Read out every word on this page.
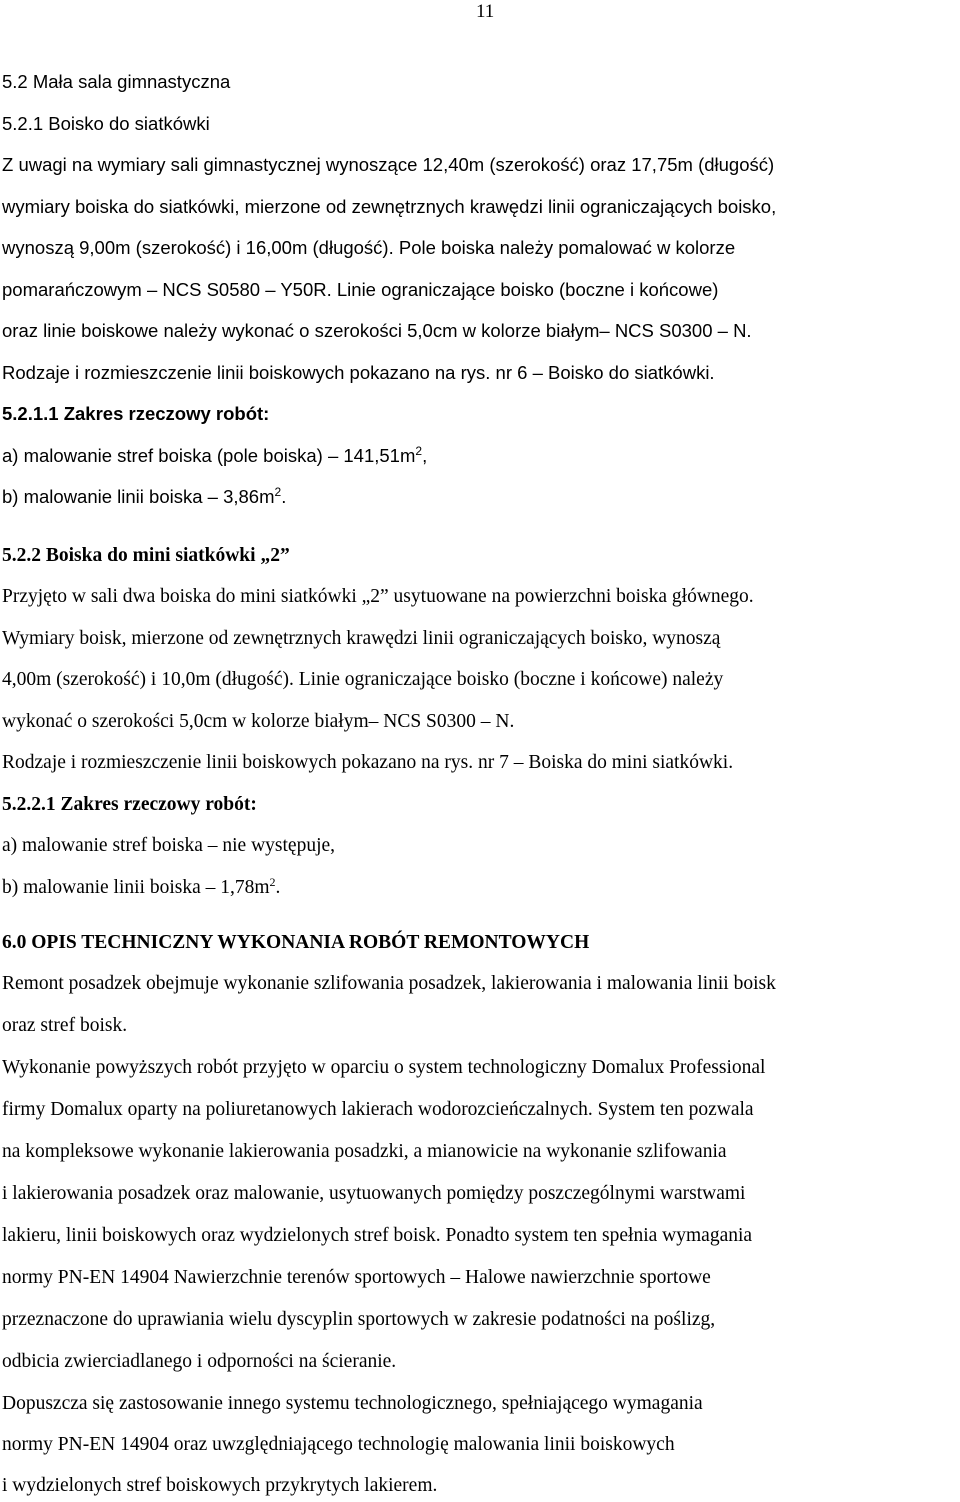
11
5.2 Mała sala gimnastyczna
5.2.1 Boisko do siatkówki
Z uwagi na wymiary sali gimnastycznej wynoszące 12,40m (szerokość) oraz 17,75m (długość)
wymiary boiska do siatkówki, mierzone od zewnętrznych krawędzi linii ograniczających boisko,
wynoszą 9,00m (szerokość) i 16,00m (długość). Pole boiska należy pomalować w kolorze
pomarańczowym – NCS S0580 – Y50R. Linie ograniczające boisko (boczne i końcowe)
oraz linie boiskowe należy wykonać o szerokości 5,0cm w kolorze białym– NCS S0300 – N.
Rodzaje i rozmieszczenie linii boiskowych pokazano na rys. nr 6 – Boisko do siatkówki.
5.2.1.1 Zakres rzeczowy robót:
a) malowanie stref boiska (pole boiska) – $141,51m^2$,
b) malowanie linii boiska – $3,86m^2$.
5.2.2 Boiska do mini siatkówki „2”
Przyjęto w sali dwa boiska do mini siatkówki „2” usytuowane na powierzchni boiska głównego.
Wymiary boisk, mierzone od zewnętrznych krawędzi linii ograniczających boisko, wynoszą
4,00m (szerokość) i 10,0m (długość). Linie ograniczające boisko (boczne i końcowe) należy
wykonać o szerokości 5,0cm w kolorze białym– NCS S0300 – N.
Rodzaje i rozmieszczenie linii boiskowych pokazano na rys. nr 7 – Boiska do mini siatkówki.
5.2.2.1 Zakres rzeczowy robót:
a) malowanie stref boiska – nie występuje,
b) malowanie linii boiska – $1,78m^2$.
6.0 OPIS TECHNICZNY WYKONANIA ROBÓT REMONTOWYCH
Remont posadzek obejmuje wykonanie szlifowania posadzek, lakierowania i malowania linii boisk
oraz stref boisk.
Wykonanie powyższych robót przyjęto w oparciu o system technologiczny Domalux Professional
firmy Domalux oparty na poliuretanowych lakierach wodorozcieńczalnych. System ten pozwala
na kompleksowe wykonanie lakierowania posadzki, a mianowicie na wykonanie szlifowania
i lakierowania posadzek oraz malowanie, usytuowanych pomiędzy poszczególnymi warstwami
lakieru, linii boiskowych oraz wydzielonych stref boisk. Ponadto system ten spełnia wymagania
normy PN-EN 14904 Nawierzchnie terenów sportowych – Halowe nawierzchnie sportowe
przeznaczone do uprawiania wielu dyscyplin sportowych w zakresie podatności na poślizg,
odbicia zwierciadlanego i odporności na ścieranie.
Dopuszcza się zastosowanie innego systemu technologicznego, spełniającego wymagania
normy PN-EN 14904 oraz uwzględniającego technologię malowania linii boiskowych
i wydzielonych stref boiskowych przykrytych lakierem.
